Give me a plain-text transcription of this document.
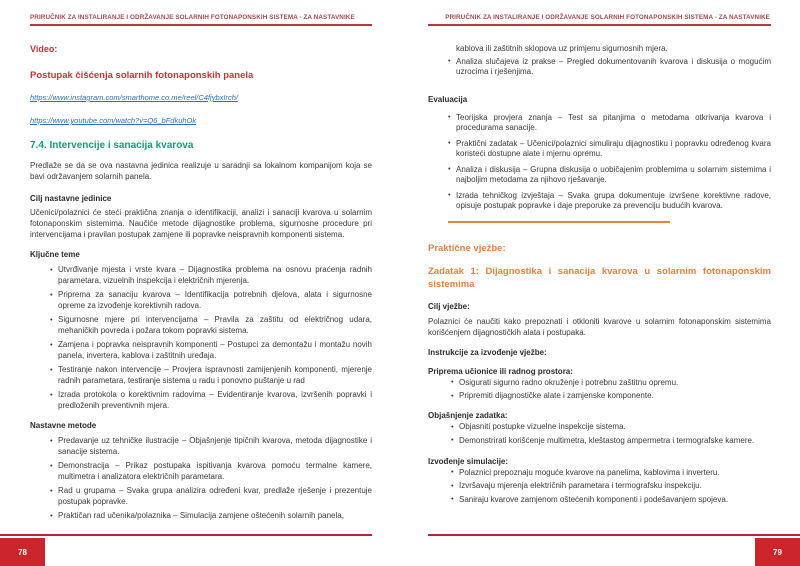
PRIRUČNIK ZA INSTALIRANJE I ODRŽAVANJE SOLARNIH FOTONAPONSKIH SISTEMA - ZA NASTAVNIKE
Video:
Postupak čišćenja solarnih fotonaponskih panela
https://www.instagram.com/smarthome.co.me/reel/C4fjybxIrch/
https://www.youtube.com/watch?v=Q6_bFdkuhOk
7.4. Intervencije i sanacija kvarova
Predlaže se da se ova nastavna jedinica realizuje u saradnji sa lokalnom kompanijom koja se bavi održavanjem solarnih panela.
Cilj nastavne jedinice
Učenici/polaznici će steći praktična znanja o identifikaciji, analizi i sanaciji kvarova u solarnim fotonaponskim sistemima. Naučiće metode dijagnostike problema, sigurnosne procedure pri intervencijama i pravilan postupak zamjene ili popravke neispravnih komponenti sistema.
Ključne teme
• Utvrđivanje mjesta i vrste kvara – Dijagnostika problema na osnovu praćenja radnih parametara, vizuelnih inspekcija i električnih mjerenja.
• Priprema za sanaciju kvarova – Identifikacija potrebnih djelova, alata i sigurnosne opreme za izvođenje korektivnih radova.
• Sigurnosne mjere pri intervencijama – Pravila za zaštitu od električnog udara, mehaničkih povreda i požara tokom popravki sistema.
• Zamjena i popravka neispravnih komponenti – Postupci za demontažu i montažu novih panela, invertera, kablova i zaštitnih uređaja.
• Testiranje nakon intervencije – Provjera ispravnosti zamijenjenih komponenti, mjerenje radnih parametara, testiranje sistema u radu i ponovno puštanje u rad
• Izrada protokola o korektivnim radovima – Evidentiranje kvarova, izvršenih popravki i predloženih preventivnih mjera.
Nastavne metode
• Predavanje uz tehničke ilustracije – Objašnjenje tipičnih kvarova, metoda dijagnostike i sanacije sistema.
• Demonstracija – Prikaz postupaka ispitivanja kvarova pomoću termalne kamere, multimetra i analizatora električnih parametara.
• Rad u grupama – Svaka grupa analizira određeni kvar, predlaže rješenje i prezentuje postupak popravke.
• Praktičan rad učenika/polaznika – Simulacija zamjene oštećenih solarnih panela,
78
PRIRUČNIK ZA INSTALIRANJE I ODRŽAVANJE SOLARNIH FOTONAPONSKIH SISTEMA - ZA NASTAVNIKE
kablova ili zaštitnih sklopova uz primjenu sigurnosnih mjera.
• Analiza slučajeva iz prakse – Pregled dokumentovanih kvarova i diskusija o mogućim uzrocima i rješenjima.
Evaluacija
• Teorijska provjera znanja – Test sa pitanjima o metodama otkrivanja kvarova i procedurama sanacije.
• Praktični zadatak – Učenici/polaznici simuliraju dijagnostiku i popravku određenog kvara koristeći dostupne alate i mjernu opremu.
• Analiza i diskusija – Grupna diskusija o uobičajenim problemima u solarnim sistemima i najboljim metodama za njihovo rješavanje.
• Izrada tehničkog izvještaja – Svaka grupa dokumentuje izvršene korektivne radove, opisuje postupak popravke i daje preporuke za prevenciju budućih kvarova.
Praktične vježbe:
Zadatak 1: Dijagnostika i sanacija kvarova u solarnim fotonaponskim sistemima
Cilj vježbe:
Polaznici će naučiti kako prepoznati i otkloniti kvarove u solarnim fotonaponskim sistemima korišćenjem dijagnostičkih alata i postupaka.
Instrukcije za izvođenje vježbe:
Priprema učionice ili radnog prostora:
• Osigurati sigurno radno okruženje i potrebnu zaštitnu opremu.
• Pripremiti dijagnostičke alate i zamjenske komponente.
Objašnjenje zadatka:
• Objasniti postupke vizuelne inspekcije sistema.
• Demonstrirati korišćenje multimetra, kleštastog ampermetra i termografske kamere.
Izvođenje simulacije:
• Polaznici prepoznaju moguće kvarove na panelima, kablovima i inverteru.
• Izvršavaju mjerenja električnih parametara i termografsku inspekciju.
• Saniraju kvarove zamjenom oštećenih komponenti i podešavanjem spojeva.
79
